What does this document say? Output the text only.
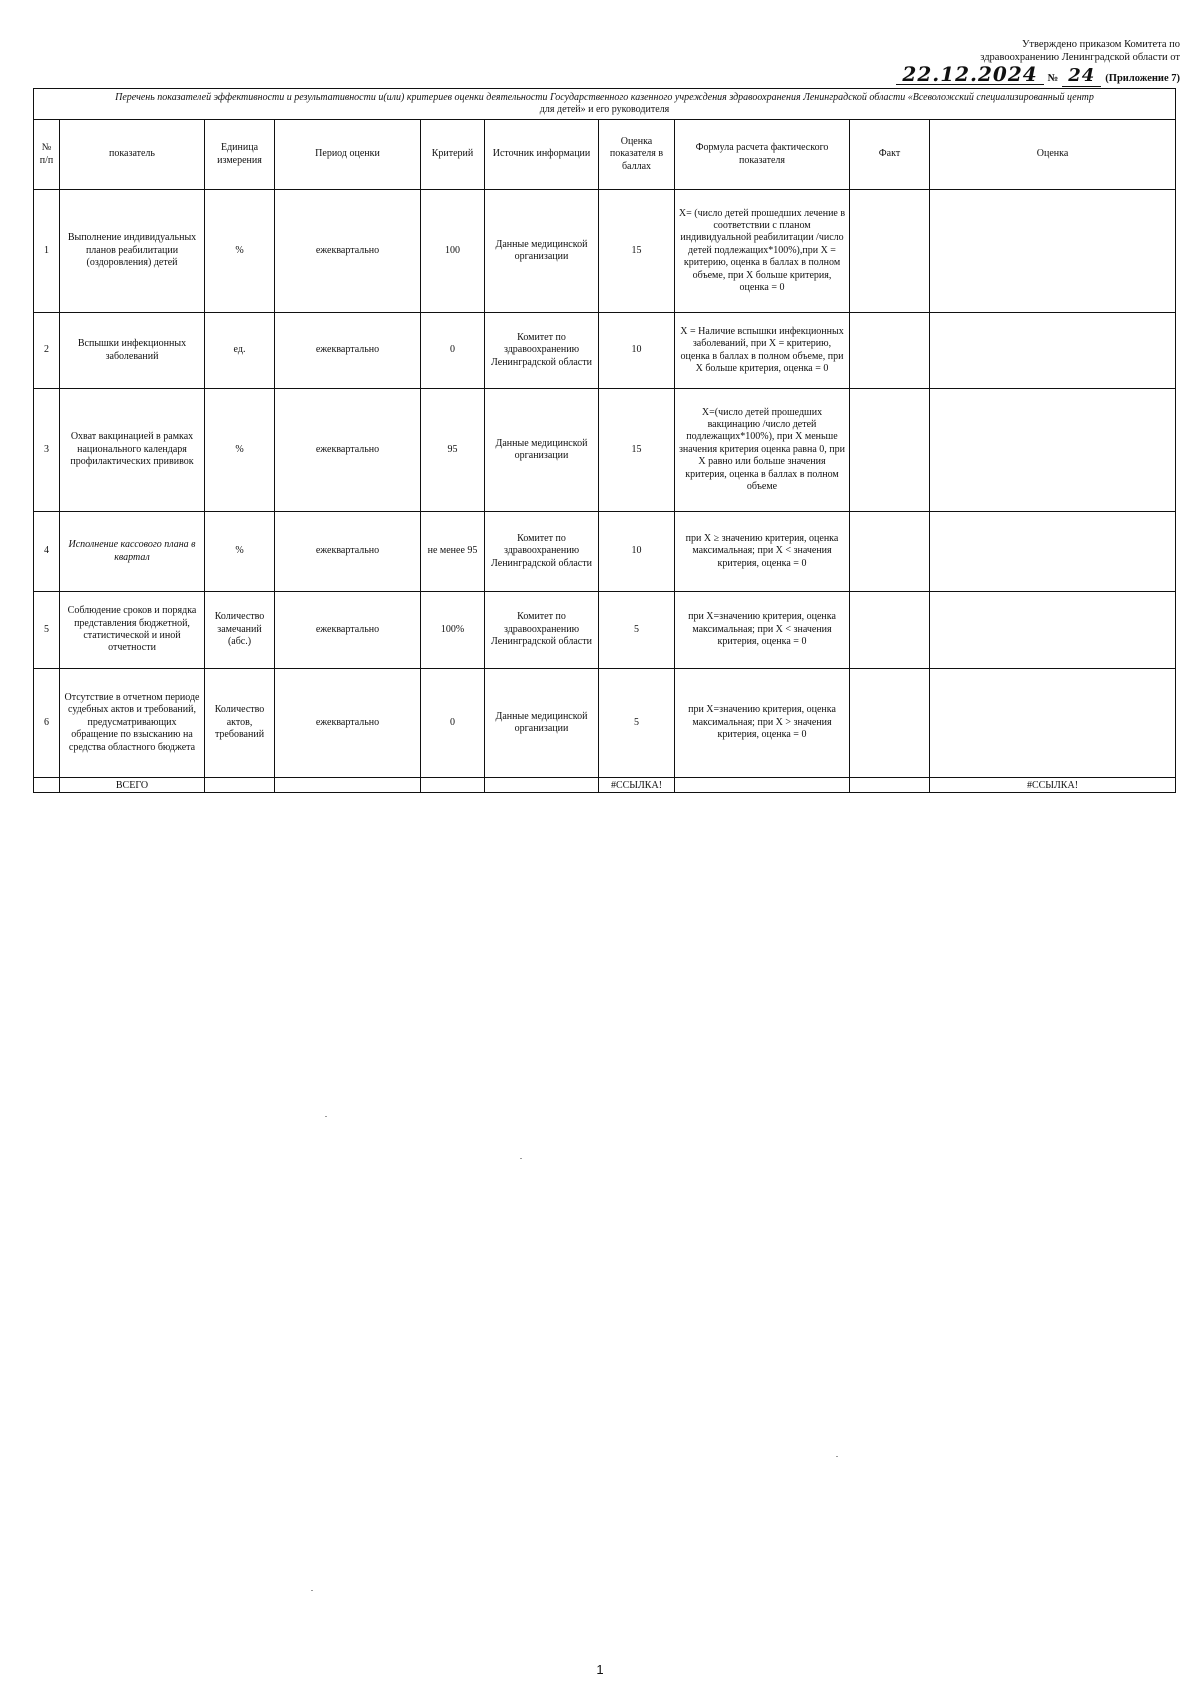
Утверждено приказом Комитета по
здравоохранению Ленинградской области от
22.12.2024 № 24 (Приложение 7)
Перечень показателей эффективности и результативности и(или) критериев оценки деятельности Государственного казенного учреждения здравоохранения Ленинградской области «Всеволожский специализированный центр
для детей» и его руководителя									
№ п/п	показатель	Единица измерения	Период оценки	Критерий	Источник информации	Оценка показателя в баллах	Формула расчета фактического показателя	Факт	Оценка
1	Выполнение индивидуальных планов реабилитации (оздоровления) детей	%	ежеквартально	100	Данные медицинской организации	15	X= (число детей прошедших лечение в соответствии с планом индивидуальной реабилитации /число детей подлежащих*100%),при X = критерию, оценка в баллах в полном объеме, при X больше критерия, оценка = 0		
2	Вспышки инфекционных заболеваний	ед.	ежеквартально	0	Комитет по здравоохранению Ленинградской области	10	X = Наличие вспышки инфекционных заболеваний, при X = критерию, оценка в баллах в полном объеме, при X больше критерия, оценка = 0		
3	Охват вакцинацией в рамках национального календаря профилактических прививок	%	ежеквартально	95	Данные медицинской организации	15	X=(число детей прошедших вакцинацию /число детей подлежащих*100%), при X меньше значения критерия оценка равна 0, при X равно или больше значения критерия, оценка в баллах в полном объеме		
4	Исполнение кассового плана в квартал	%	ежеквартально	не менее 95	Комитет по здравоохранению Ленинградской области	10	при X ≥ значению критерия, оценка максимальная; при X < значения критерия, оценка = 0		
5	Соблюдение сроков и порядка представления бюджетной, статистической и иной отчетности	Количество замечаний (абс.)	ежеквартально	100%	Комитет по здравоохранению Ленинградской области	5	при X=значению критерия, оценка максимальная; при X < значения критерия, оценка = 0		
6	Отсутствие в отчетном периоде судебных актов и требований, предусматривающих обращение по взысканию на средства областного бюджета	Количество актов, требований	ежеквартально	0	Данные медицинской организации	5	при X=значению критерия, оценка максимальная; при X > значения критерия, оценка = 0		
	ВСЕГО					#ССЫЛКА!			#ССЫЛКА!
1
